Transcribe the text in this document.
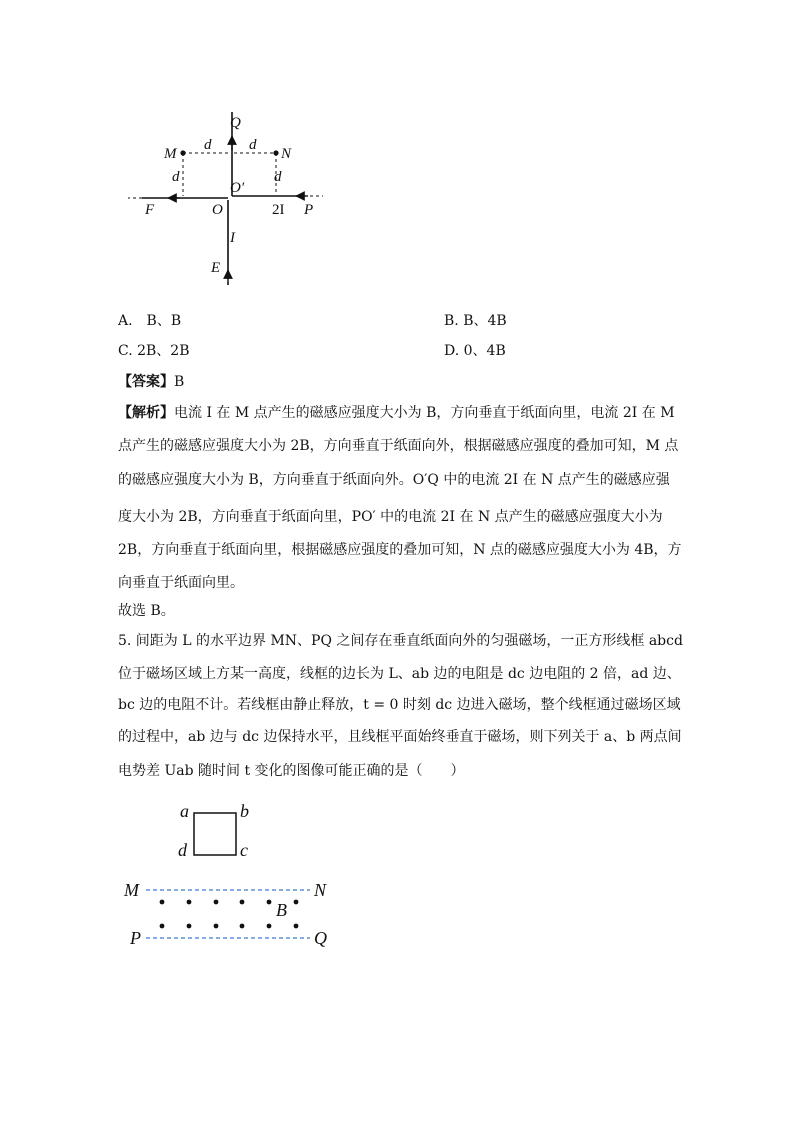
Q
M	N
d	d
d	d
O′
F	O	2I P
I
E
A.　B、B	B. B、4B
C. 2B、2B	D. 0、4B
【答案】B
【解析】电流 I 在 M 点产生的磁感应强度大小为 B，方向垂直于纸面向里，电流 2I 在 M
点产生的磁感应强度大小为 2B，方向垂直于纸面向外，根据磁感应强度的叠加可知，M 点
的磁感应强度大小为 B，方向垂直于纸面向外。O′Q 中的电流 2I 在 N 点产生的磁感应强
度大小为 2B，方向垂直于纸面向里，PO′ 中的电流 2I 在 N 点产生的磁感应强度大小为
2B，方向垂直于纸面向里，根据磁感应强度的叠加可知，N 点的磁感应强度大小为 4B，方
向垂直于纸面向里。
故选 B。
5. 间距为 L 的水平边界 MN、PQ 之间存在垂直纸面向外的匀强磁场，一正方形线框 abcd
位于磁场区域上方某一高度，线框的边长为 L、ab 边的电阻是 dc 边电阻的 2 倍，ad 边、
bc 边的电阻不计。若线框由静止释放，t = 0 时刻 dc 边进入磁场，整个线框通过磁场区域
的过程中，ab 边与 dc 边保持水平，且线框平面始终垂直于磁场，则下列关于 a、b 两点间
电势差 Uab 随时间 t 变化的图像可能正确的是（　　）
a	b
d	c
M	N
B
P	Q
